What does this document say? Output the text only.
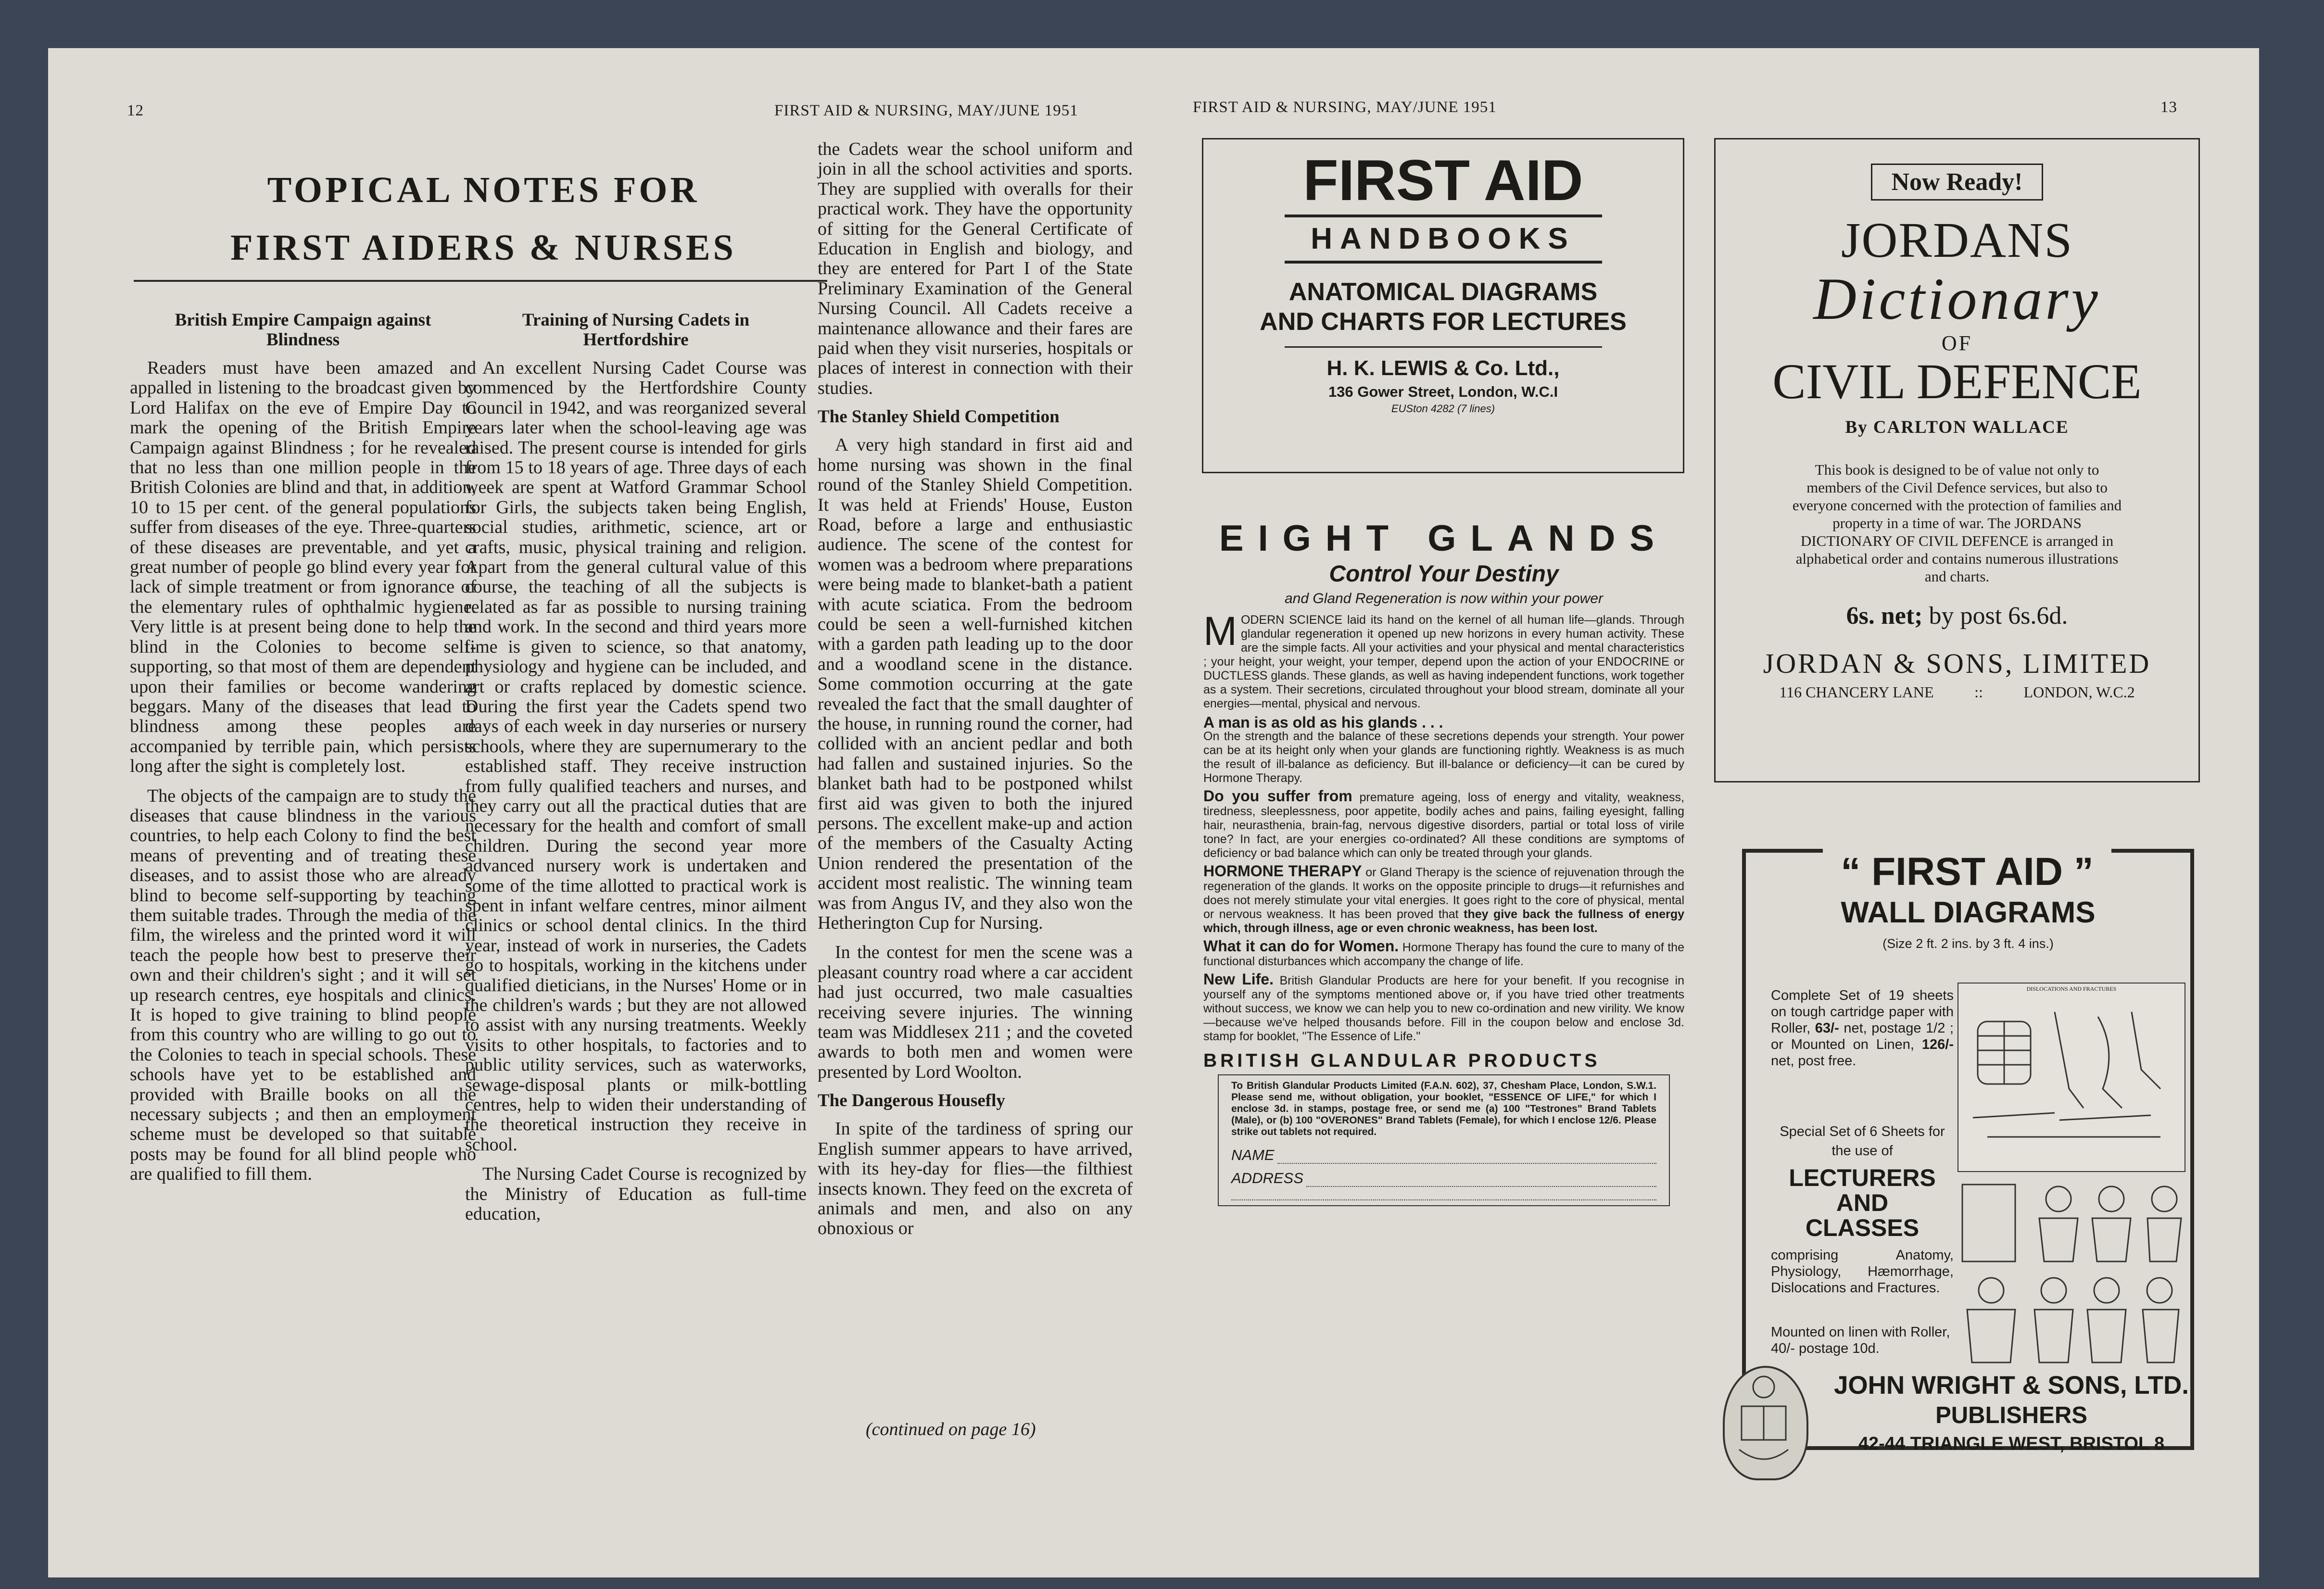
12	FIRST AID & NURSING, MAY/JUNE 1951
TOPICAL NOTES FOR
FIRST AIDERS & NURSES
British Empire Campaign against
Blindness

Readers must have been amazed and appalled in listening to the broadcast given by Lord Halifax on the eve of Empire Day to mark the opening of the British Empire Campaign against Blindness ; for he revealed that no less than one million people in the British Colonies are blind and that, in addition, 10 to 15 per cent. of the general populations suffer from diseases of the eye. Three-quarters of these diseases are preventable, and yet a great number of people go blind every year for lack of simple treatment or from ignorance of the elementary rules of ophthalmic hygiene. Very little is at present being done to help the blind in the Colonies to become self-supporting, so that most of them are dependent upon their families or become wandering beggars. Many of the diseases that lead to blindness among these peoples are accompanied by terrible pain, which persists long after the sight is completely lost.

The objects of the campaign are to study the diseases that cause blindness in the various countries, to help each Colony to find the best means of preventing and of treating these diseases, and to assist those who are already blind to become self-supporting by teaching them suitable trades. Through the media of the film, the wireless and the printed word it will teach the people how best to preserve their own and their children's sight ; and it will set up research centres, eye hospitals and clinics. It is hoped to give training to blind people from this country who are willing to go out to the Colonies to teach in special schools. These schools have yet to be established and provided with Braille books on all the necessary subjects ; and then an employment scheme must be developed so that suitable posts may be found for all blind people who are qualified to fill them.

Training of Nursing Cadets in
Hertfordshire

An excellent Nursing Cadet Course was commenced by the Hertfordshire County Council in 1942, and was reorganized several years later when the school-leaving age was raised. The present course is intended for girls from 15 to 18 years of age. Three days of each week are spent at Watford Grammar School for Girls, the subjects taken being English, social studies, arithmetic, science, art or crafts, music, physical training and religion. Apart from the general cultural value of this course, the teaching of all the subjects is related as far as possible to nursing training and work. In the second and third years more time is given to science, so that anatomy, physiology and hygiene can be included, and art or crafts replaced by domestic science. During the first year the Cadets spend two days of each week in day nurseries or nursery schools, where they are supernumerary to the established staff. They receive instruction from fully qualified teachers and nurses, and they carry out all the practical duties that are necessary for the health and comfort of small children. During the second year more advanced nursery work is undertaken and some of the time allotted to practical work is spent in infant welfare centres, minor ailment clinics or school dental clinics. In the third year, instead of work in nurseries, the Cadets go to hospitals, working in the kitchens under qualified dieticians, in the Nurses' Home or in the children's wards ; but they are not allowed to assist with any nursing treatments. Weekly visits to other hospitals, to factories and to public utility services, such as waterworks, sewage-disposal plants or milk-bottling centres, help to widen their understanding of the theoretical instruction they receive in school.

The Nursing Cadet Course is recognized by the Ministry of Education as full-time education,

the Cadets wear the school uniform and join in all the school activities and sports. They are supplied with overalls for their practical work. They have the opportunity of sitting for the General Certificate of Education in English and biology, and they are entered for Part I of the State Preliminary Examination of the General Nursing Council. All Cadets receive a maintenance allowance and their fares are paid when they visit nurseries, hospitals or places of interest in connection with their studies.

The Stanley Shield Competition

A very high standard in first aid and home nursing was shown in the final round of the Stanley Shield Competition. It was held at Friends' House, Euston Road, before a large and enthusiastic audience. The scene of the contest for women was a bedroom where preparations were being made to blanket-bath a patient with acute sciatica. From the bedroom could be seen a well-furnished kitchen with a garden path leading up to the door and a woodland scene in the distance. Some commotion occurring at the gate revealed the fact that the small daughter of the house, in running round the corner, had collided with an ancient pedlar and both had fallen and sustained injuries. So the blanket bath had to be postponed whilst first aid was given to both the injured persons. The excellent make-up and action of the members of the Casualty Acting Union rendered the presentation of the accident most realistic. The winning team was from Angus IV, and they also won the Hetherington Cup for Nursing.

In the contest for men the scene was a pleasant country road where a car accident had just occurred, two male casualties receiving severe injuries. The winning team was Middlesex 211 ; and the coveted awards to both men and women were presented by Lord Woolton.

The Dangerous Housefly

In spite of the tardiness of spring our English summer appears to have arrived, with its hey-day for flies—the filthiest insects known. They feed on the excreta of animals and men, and also on any obnoxious or

(continued on page 16)
FIRST AID & NURSING, MAY/JUNE 1951	13
FIRST AID
HANDBOOKS
ANATOMICAL DIAGRAMS
AND CHARTS FOR LECTURES
H. K. LEWIS & Co. Ltd.,
136 Gower Street, London, W.C.I
EUSton 4282 (7 lines)
EIGHT GLANDS
Control Your Destiny
and Gland Regeneration is now within your power
MODERN SCIENCE laid its hand on the kernel of all human life—glands. Through glandular regeneration it opened up new horizons in every human activity. These are the simple facts. All your activities and your physical and mental characteristics ; your height, your weight, your temper, depend upon the action of your ENDOCRINE or DUCTLESS glands. These glands, as well as having independent functions, work together as a system. Their secretions, circulated throughout your blood stream, dominate all your energies—mental, physical and nervous.
A man is as old as his glands . . .
On the strength and the balance of these secretions depends your strength. Your power can be at its height only when your glands are functioning rightly. Weakness is as much the result of ill-balance as deficiency. But ill-balance or deficiency—it can be cured by Hormone Therapy.
Do you suffer from premature ageing, loss of energy and vitality, weakness, tiredness, sleeplessness, poor appetite, bodily aches and pains, failing eyesight, falling hair, neurasthenia, brain-fag, nervous digestive disorders, partial or total loss of virile tone? In fact, are your energies co-ordinated? All these conditions are symptoms of deficiency or bad balance which can only be treated through your glands.
HORMONE THERAPY or Gland Therapy is the science of rejuvenation through the regeneration of the glands. It works on the opposite principle to drugs—it refurnishes and does not merely stimulate your vital energies. It goes right to the core of physical, mental or nervous weakness. It has been proved that they give back the fullness of energy which, through illness, age or even chronic weakness, has been lost.
What it can do for Women. Hormone Therapy has found the cure to many of the functional disturbances which accompany the change of life.
New Life. British Glandular Products are here for your benefit. If you recognise in yourself any of the symptoms mentioned above or, if you have tried other treatments without success, we know we can help you to new co-ordination and new virility. We know—because we've helped thousands before. Fill in the coupon below and enclose 3d. stamp for booklet, "The Essence of Life."
BRITISH GLANDULAR PRODUCTS
To British Glandular Products Limited (F.A.N. 602), 37, Chesham Place, London, S.W.1. Please send me, without obligation, your booklet, "ESSENCE OF LIFE," for which I enclose 3d. in stamps, postage free, or send me (a) 100 "Testrones" Brand Tablets (Male), or (b) 100 "OVERONES" Brand Tablets (Female), for which I enclose 12/6. Please strike out tablets not required.
NAME
ADDRESS
Now Ready!
JORDANS
Dictionary
OF
CIVIL DEFENCE
By CARLTON WALLACE
This book is designed to be of value not only to members of the Civil Defence services, but also to everyone concerned with the protection of families and property in a time of war. The JORDANS DICTIONARY OF CIVIL DEFENCE is arranged in alphabetical order and contains numerous illustrations and charts.
6s. net; by post 6s.6d.
JORDAN & SONS, LIMITED
116 CHANCERY LANE	::	LONDON, W.C.2
“ FIRST AID ”
WALL DIAGRAMS
(Size 2 ft. 2 ins. by 3 ft. 4 ins.)
Complete Set of 19 sheets on tough cartridge paper with Roller, 63/- net, postage 1/2 ; or Mounted on Linen, 126/- net, post free.
Special Set of 6 Sheets for the use of
LECTURERS
AND
CLASSES
comprising Anatomy, Physiology, Hæmorrhage, Dislocations and Fractures.
Mounted on linen with Roller, 40/- postage 10d.
DISLOCATIONS AND FRACTURES
JOHN WRIGHT & SONS, LTD.
PUBLISHERS
42-44 TRIANGLE WEST, BRISTOL 8
